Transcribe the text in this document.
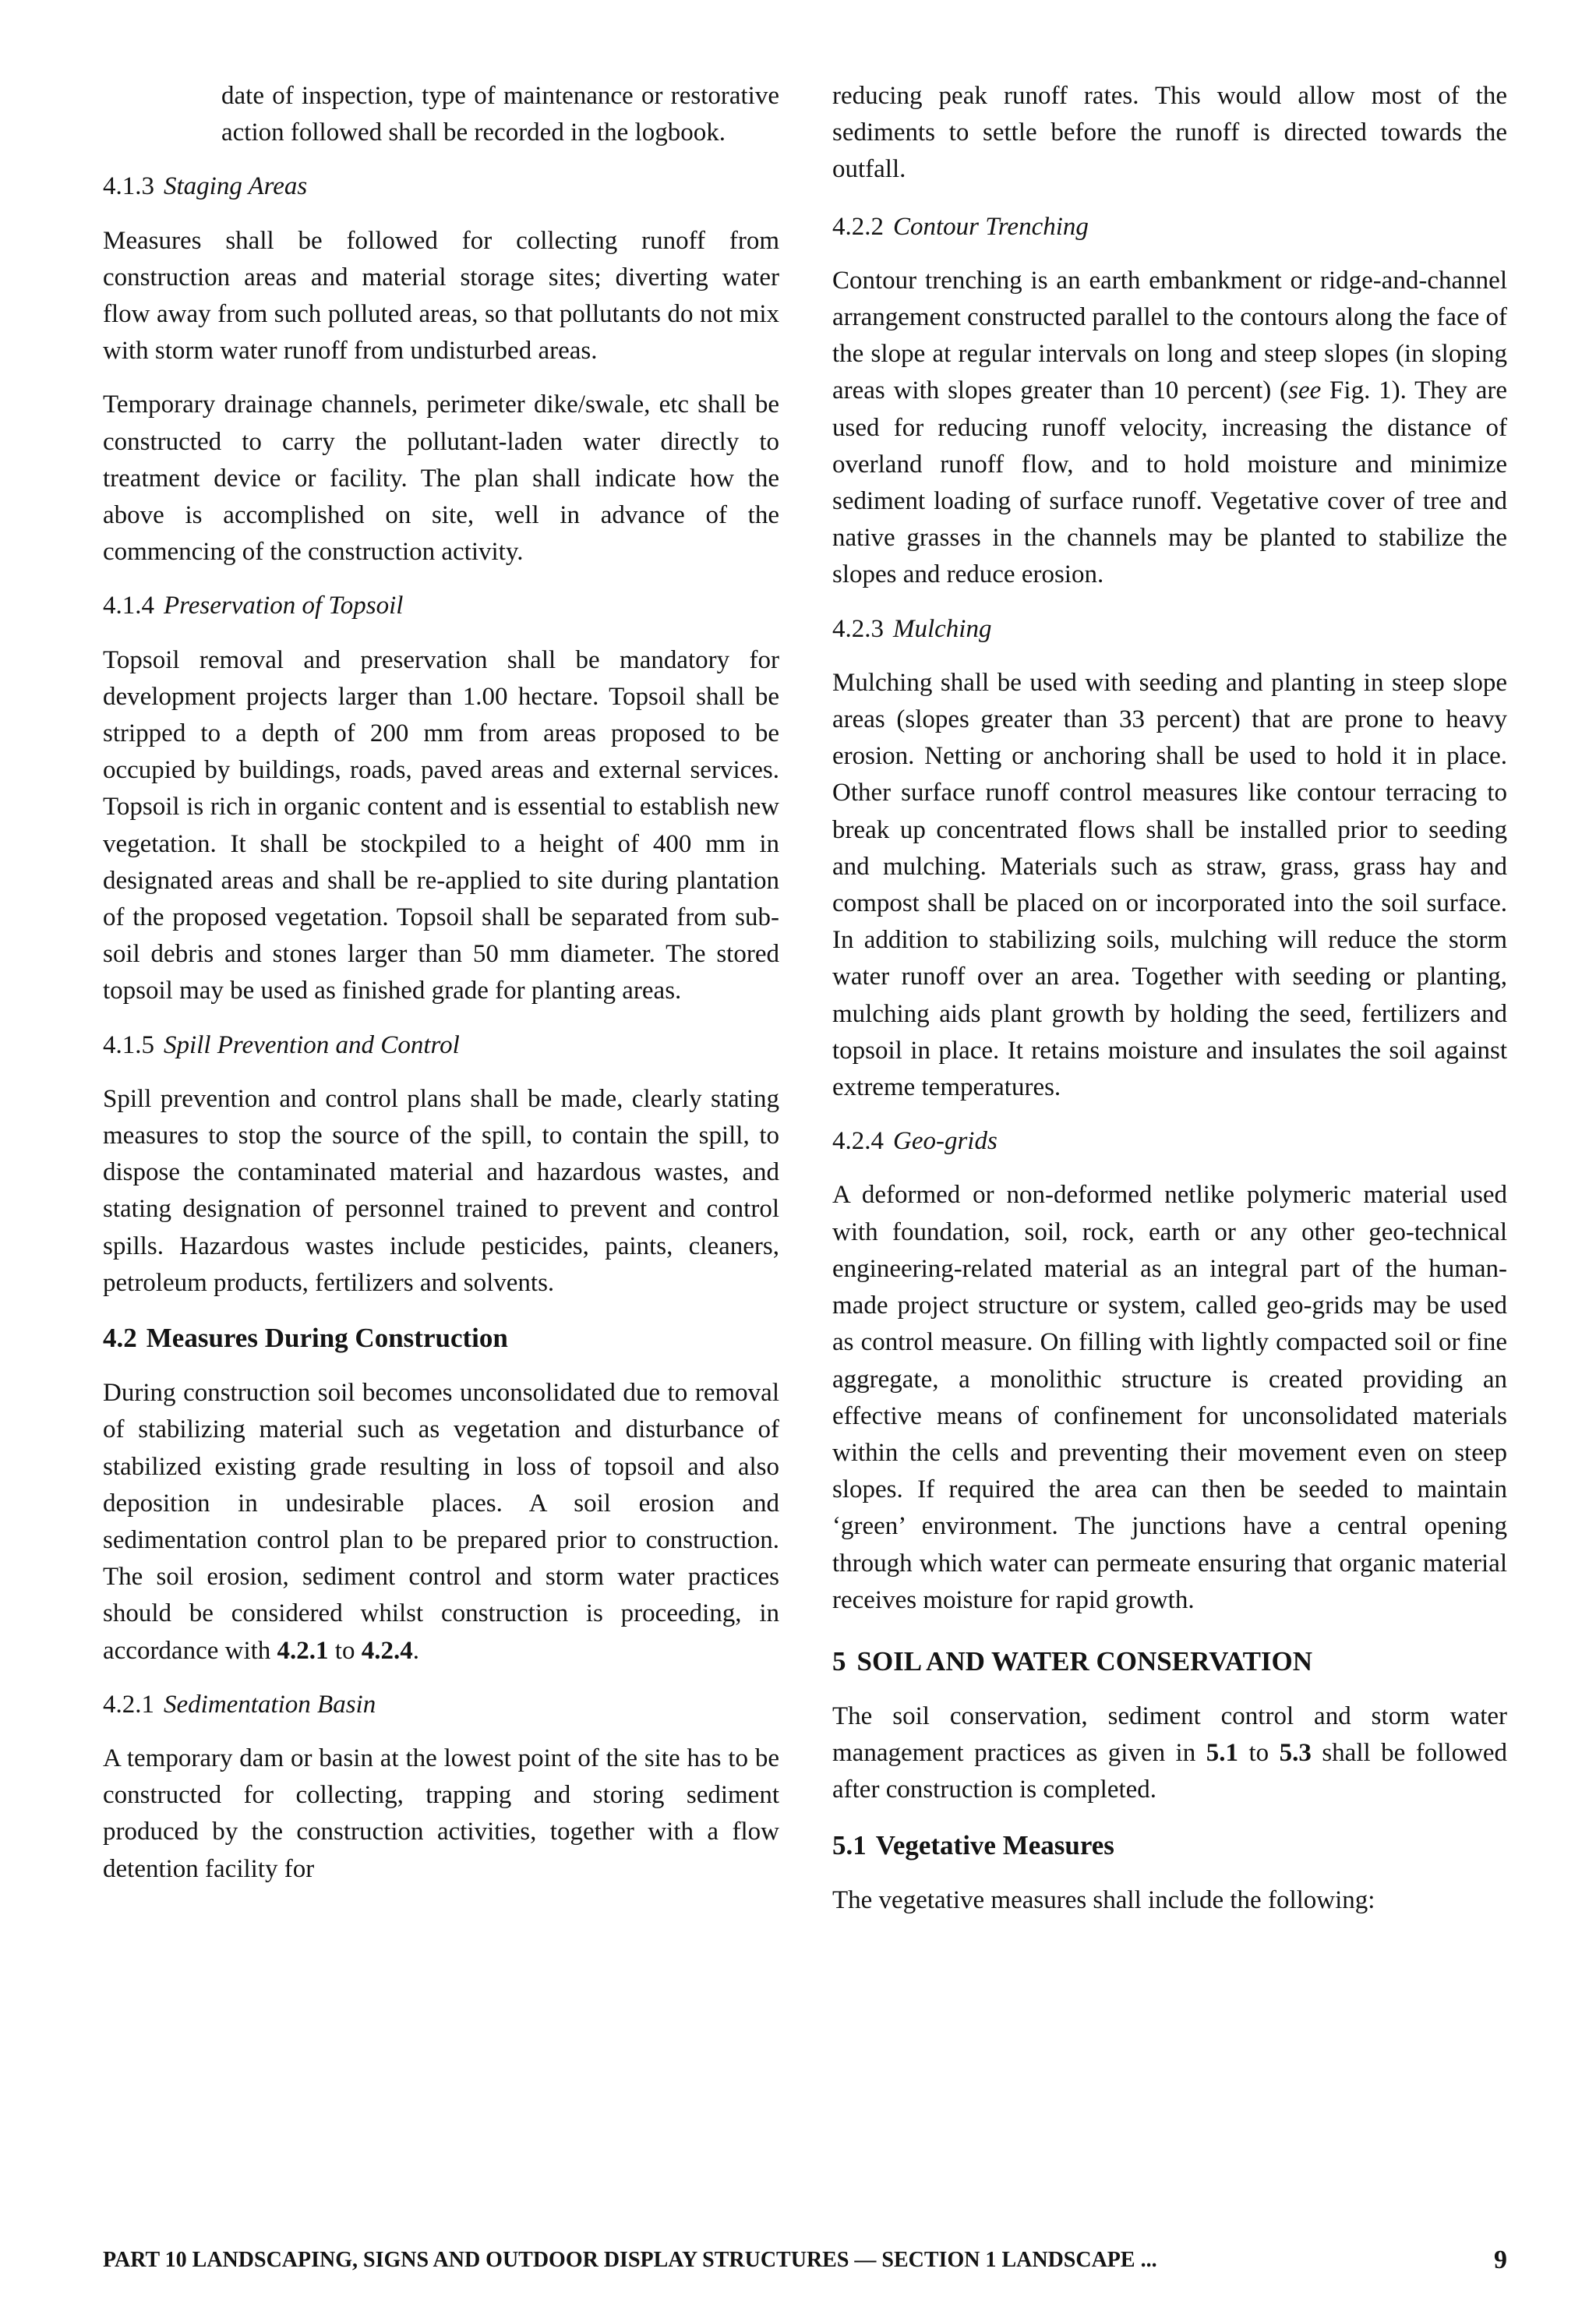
date of inspection, type of maintenance or restorative action followed shall be recorded in the logbook.

4.1.3 Staging Areas

Measures shall be followed for collecting runoff from construction areas and material storage sites; diverting water flow away from such polluted areas, so that pollutants do not mix with storm water runoff from undisturbed areas.

Temporary drainage channels, perimeter dike/swale, etc shall be constructed to carry the pollutant-laden water directly to treatment device or facility. The plan shall indicate how the above is accomplished on site, well in advance of the commencing of the construction activity.

4.1.4 Preservation of Topsoil

Topsoil removal and preservation shall be mandatory for development projects larger than 1.00 hectare. Topsoil shall be stripped to a depth of 200 mm from areas proposed to be occupied by buildings, roads, paved areas and external services. Topsoil is rich in organic content and is essential to establish new vegetation. It shall be stockpiled to a height of 400 mm in designated areas and shall be re-applied to site during plantation of the proposed vegetation. Topsoil shall be separated from sub-soil debris and stones larger than 50 mm diameter. The stored topsoil may be used as finished grade for planting areas.

4.1.5 Spill Prevention and Control

Spill prevention and control plans shall be made, clearly stating measures to stop the source of the spill, to contain the spill, to dispose the contaminated material and hazardous wastes, and stating designation of personnel trained to prevent and control spills. Hazardous wastes include pesticides, paints, cleaners, petroleum products, fertilizers and solvents.

4.2 Measures During Construction

During construction soil becomes unconsolidated due to removal of stabilizing material such as vegetation and disturbance of stabilized existing grade resulting in loss of topsoil and also deposition in undesirable places. A soil erosion and sedimentation control plan to be prepared prior to construction. The soil erosion, sediment control and storm water practices should be considered whilst construction is proceeding, in accordance with 4.2.1 to 4.2.4.

4.2.1 Sedimentation Basin

A temporary dam or basin at the lowest point of the site has to be constructed for collecting, trapping and storing sediment produced by the construction activities, together with a flow detention facility for

reducing peak runoff rates. This would allow most of the sediments to settle before the runoff is directed towards the outfall.

4.2.2 Contour Trenching

Contour trenching is an earth embankment or ridge-and-channel arrangement constructed parallel to the contours along the face of the slope at regular intervals on long and steep slopes (in sloping areas with slopes greater than 10 percent) (see Fig. 1). They are used for reducing runoff velocity, increasing the distance of overland runoff flow, and to hold moisture and minimize sediment loading of surface runoff. Vegetative cover of tree and native grasses in the channels may be planted to stabilize the slopes and reduce erosion.

4.2.3 Mulching

Mulching shall be used with seeding and planting in steep slope areas (slopes greater than 33 percent) that are prone to heavy erosion. Netting or anchoring shall be used to hold it in place. Other surface runoff control measures like contour terracing to break up concentrated flows shall be installed prior to seeding and mulching. Materials such as straw, grass, grass hay and compost shall be placed on or incorporated into the soil surface. In addition to stabilizing soils, mulching will reduce the storm water runoff over an area. Together with seeding or planting, mulching aids plant growth by holding the seed, fertilizers and topsoil in place. It retains moisture and insulates the soil against extreme temperatures.

4.2.4 Geo-grids

A deformed or non-deformed netlike polymeric material used with foundation, soil, rock, earth or any other geo-technical engineering-related material as an integral part of the human-made project structure or system, called geo-grids may be used as control measure. On filling with lightly compacted soil or fine aggregate, a monolithic structure is created providing an effective means of confinement for unconsolidated materials within the cells and preventing their movement even on steep slopes. If required the area can then be seeded to maintain ‘green’ environment. The junctions have a central opening through which water can permeate ensuring that organic material receives moisture for rapid growth.

5 SOIL AND WATER CONSERVATION

The soil conservation, sediment control and storm water management practices as given in 5.1 to 5.3 shall be followed after construction is completed.

5.1 Vegetative Measures

The vegetative measures shall include the following:

PART 10 LANDSCAPING, SIGNS AND OUTDOOR DISPLAY STRUCTURES — SECTION 1 LANDSCAPE ...	9
